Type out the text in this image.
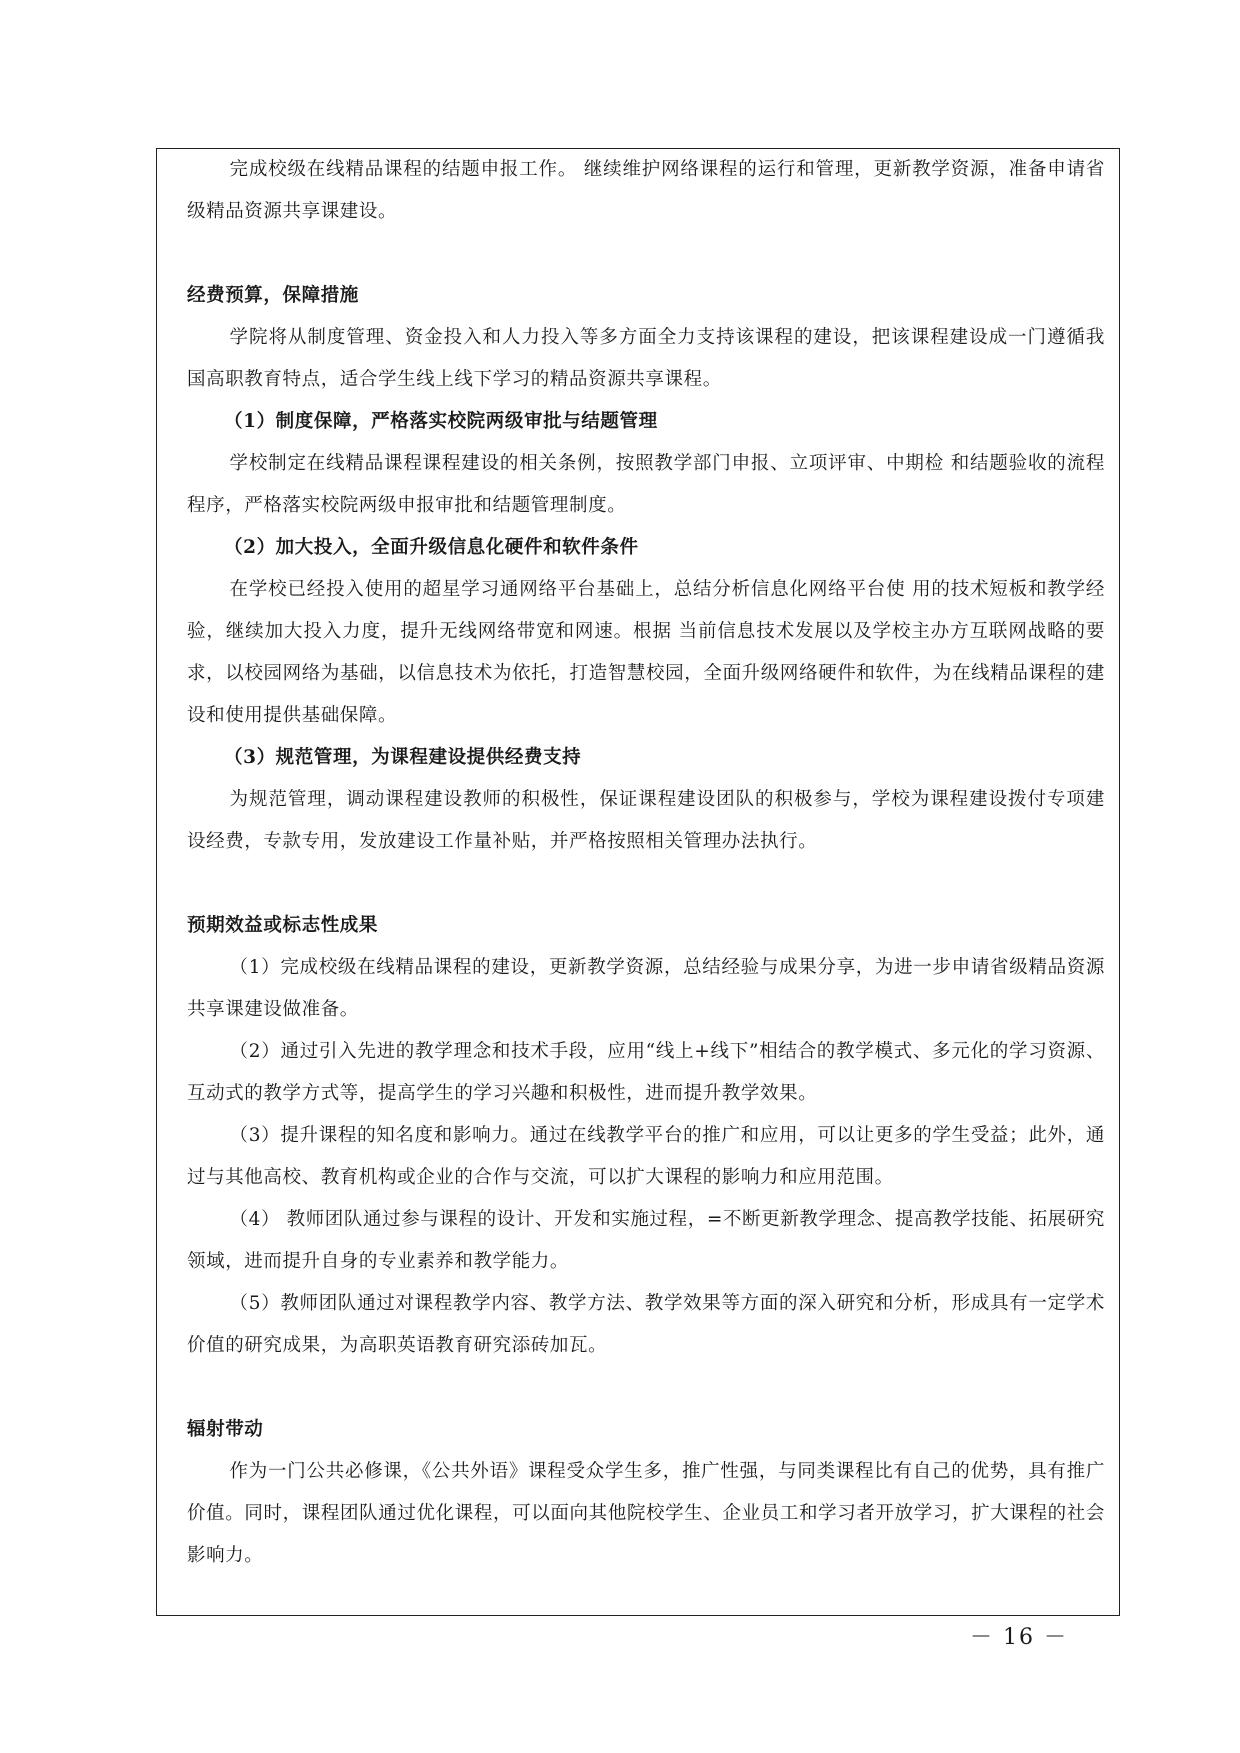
完成校级在线精品课程的结题申报工作。 继续维护网络课程的运行和管理，更新教学资源，准备申请省级精品资源共享课建设。

经费预算，保障措施

学院将从制度管理、资金投入和人力投入等多方面全力支持该课程的建设，把该课程建设成一门遵循我国高职教育特点，适合学生线上线下学习的精品资源共享课程。

（1）制度保障，严格落实校院两级审批与结题管理

学校制定在线精品课程课程建设的相关条例，按照教学部门申报、立项评审、中期检 和结题验收的流程程序，严格落实校院两级申报审批和结题管理制度。

（2）加大投入，全面升级信息化硬件和软件条件

在学校已经投入使用的超星学习通网络平台基础上，总结分析信息化网络平台使 用的技术短板和教学经验，继续加大投入力度，提升无线网络带宽和网速。根据 当前信息技术发展以及学校主办方互联网战略的要求，以校园网络为基础，以信息技术为依托，打造智慧校园，全面升级网络硬件和软件，为在线精品课程的建设和使用提供基础保障。

（3）规范管理，为课程建设提供经费支持

为规范管理，调动课程建设教师的积极性，保证课程建设团队的积极参与，学校为课程建设拨付专项建设经费，专款专用，发放建设工作量补贴，并严格按照相关管理办法执行。

预期效益或标志性成果

（1）完成校级在线精品课程的建设，更新教学资源，总结经验与成果分享，为进一步申请省级精品资源共享课建设做准备。

（2）通过引入先进的教学理念和技术手段，应用“线上+线下”相结合的教学模式、多元化的学习资源、互动式的教学方式等，提高学生的学习兴趣和积极性，进而提升教学效果。

（3）提升课程的知名度和影响力。通过在线教学平台的推广和应用，可以让更多的学生受益；此外，通过与其他高校、教育机构或企业的合作与交流，可以扩大课程的影响力和应用范围。

（4） 教师团队通过参与课程的设计、开发和实施过程，=不断更新教学理念、提高教学技能、拓展研究领域，进而提升自身的专业素养和教学能力。

（5）教师团队通过对课程教学内容、教学方法、教学效果等方面的深入研究和分析，形成具有一定学术价值的研究成果，为高职英语教育研究添砖加瓦。

辐射带动

作为一门公共必修课，《公共外语》课程受众学生多，推广性强，与同类课程比有自己的优势，具有推广价值。同时，课程团队通过优化课程，可以面向其他院校学生、企业员工和学习者开放学习，扩大课程的社会影响力。

－ 16 －
